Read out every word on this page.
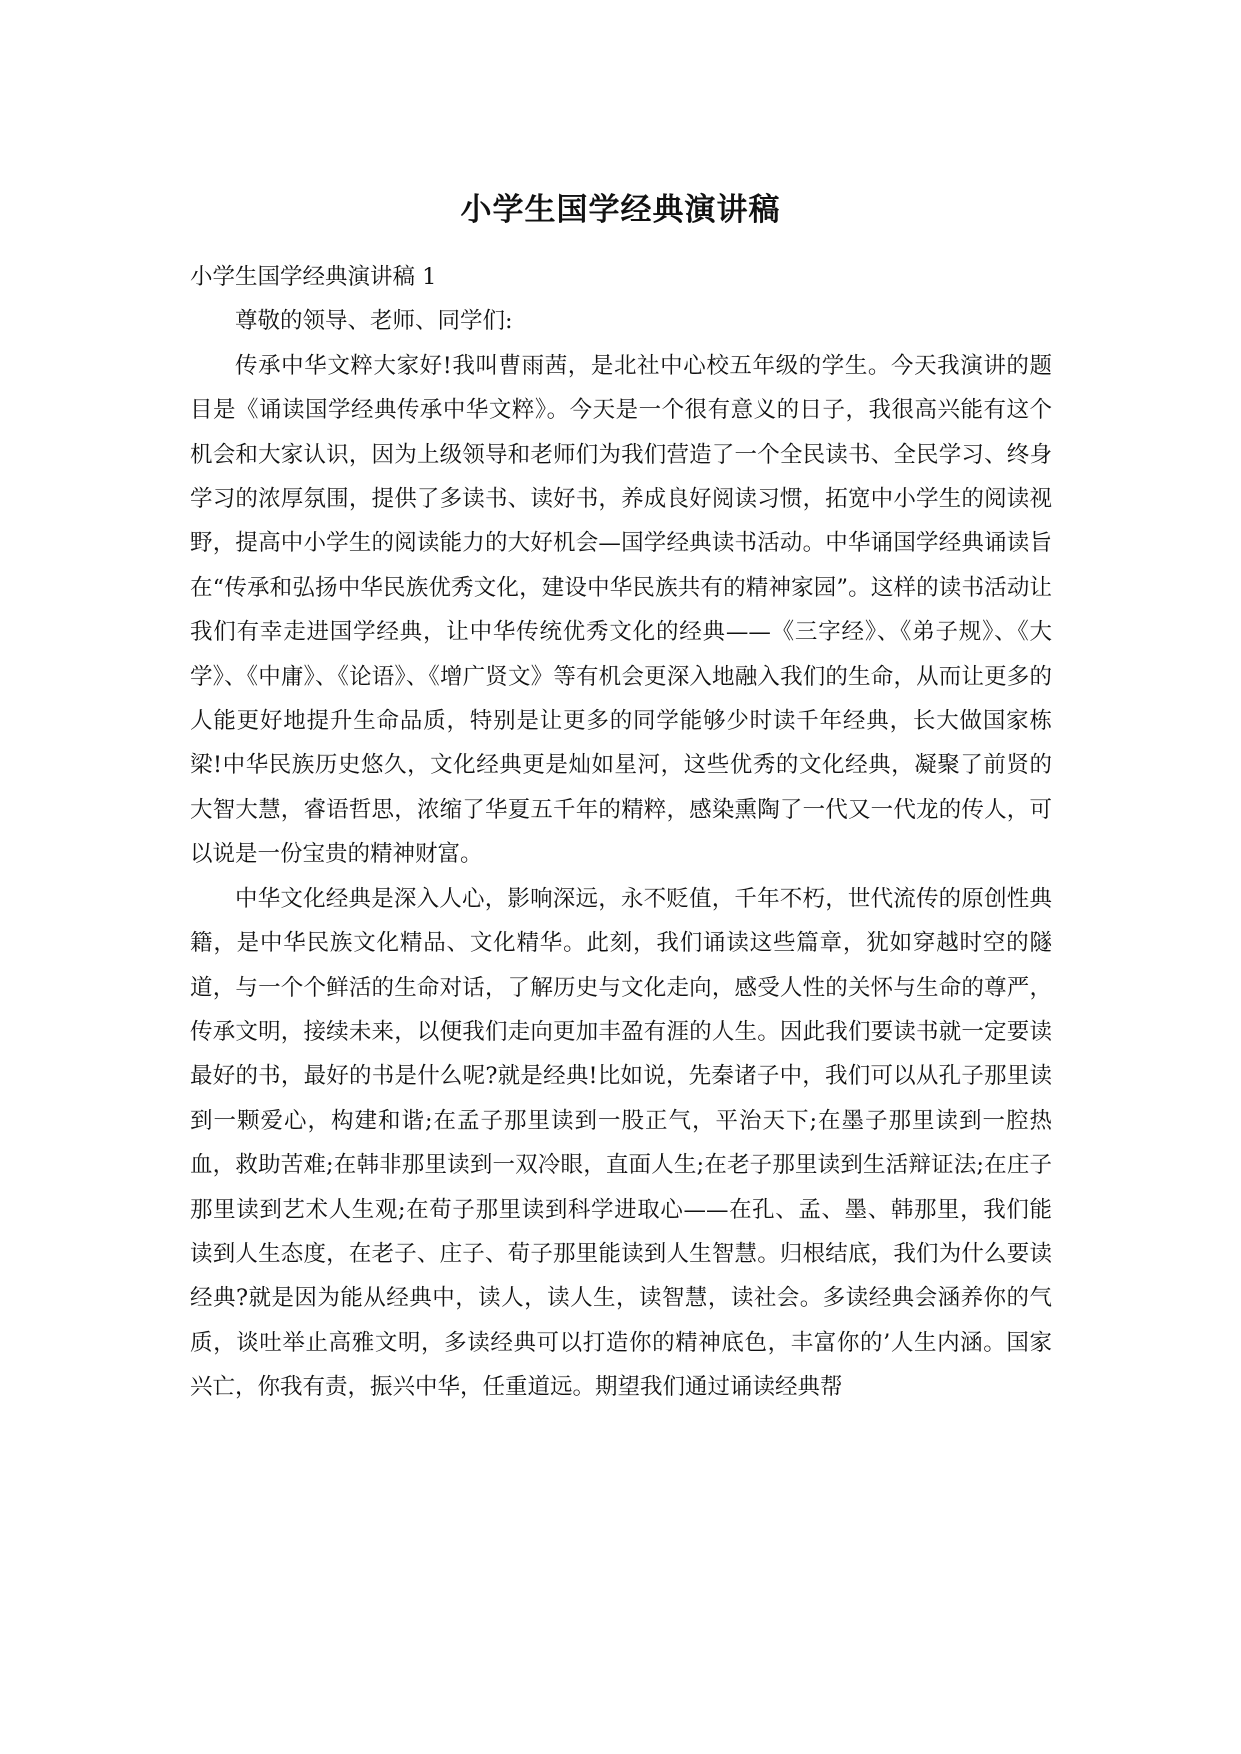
小学生国学经典演讲稿

小学生国学经典演讲稿 1

尊敬的领导、老师、同学们:

传承中华文粹大家好!我叫曹雨茜，是北社中心校五年级的学生。今天我演讲的题目是《诵读国学经典传承中华文粹》。今天是一个很有意义的日子，我很高兴能有这个机会和大家认识，因为上级领导和老师们为我们营造了一个全民读书、全民学习、终身学习的浓厚氛围，提供了多读书、读好书，养成良好阅读习惯，拓宽中小学生的阅读视野，提高中小学生的阅读能力的大好机会—国学经典读书活动。中华诵国学经典诵读旨在“传承和弘扬中华民族优秀文化，建设中华民族共有的精神家园”。这样的读书活动让我们有幸走进国学经典，让中华传统优秀文化的经典——《三字经》、《弟子规》、《大学》、《中庸》、《论语》、《增广贤文》等有机会更深入地融入我们的生命，从而让更多的人能更好地提升生命品质，特别是让更多的同学能够少时读千年经典，长大做国家栋梁!中华民族历史悠久，文化经典更是灿如星河，这些优秀的文化经典，凝聚了前贤的大智大慧，睿语哲思，浓缩了华夏五千年的精粹，感染熏陶了一代又一代龙的传人，可以说是一份宝贵的精神财富。

中华文化经典是深入人心，影响深远，永不贬值，千年不朽，世代流传的原创性典籍，是中华民族文化精品、文化精华。此刻，我们诵读这些篇章，犹如穿越时空的隧道，与一个个鲜活的生命对话，了解历史与文化走向，感受人性的关怀与生命的尊严，传承文明，接续未来，以便我们走向更加丰盈有涯的人生。因此我们要读书就一定要读最好的书，最好的书是什么呢?就是经典!比如说，先秦诸子中，我们可以从孔子那里读到一颗爱心，构建和谐;在孟子那里读到一股正气，平治天下;在墨子那里读到一腔热血，救助苦难;在韩非那里读到一双冷眼，直面人生;在老子那里读到生活辩证法;在庄子那里读到艺术人生观;在荀子那里读到科学进取心——在孔、孟、墨、韩那里，我们能读到人生态度，在老子、庄子、荀子那里能读到人生智慧。归根结底，我们为什么要读经典?就是因为能从经典中，读人，读人生，读智慧，读社会。多读经典会涵养你的气质，谈吐举止高雅文明，多读经典可以打造你的精神底色，丰富你的’人生内涵。国家兴亡，你我有责，振兴中华，任重道远。期望我们通过诵读经典帮
